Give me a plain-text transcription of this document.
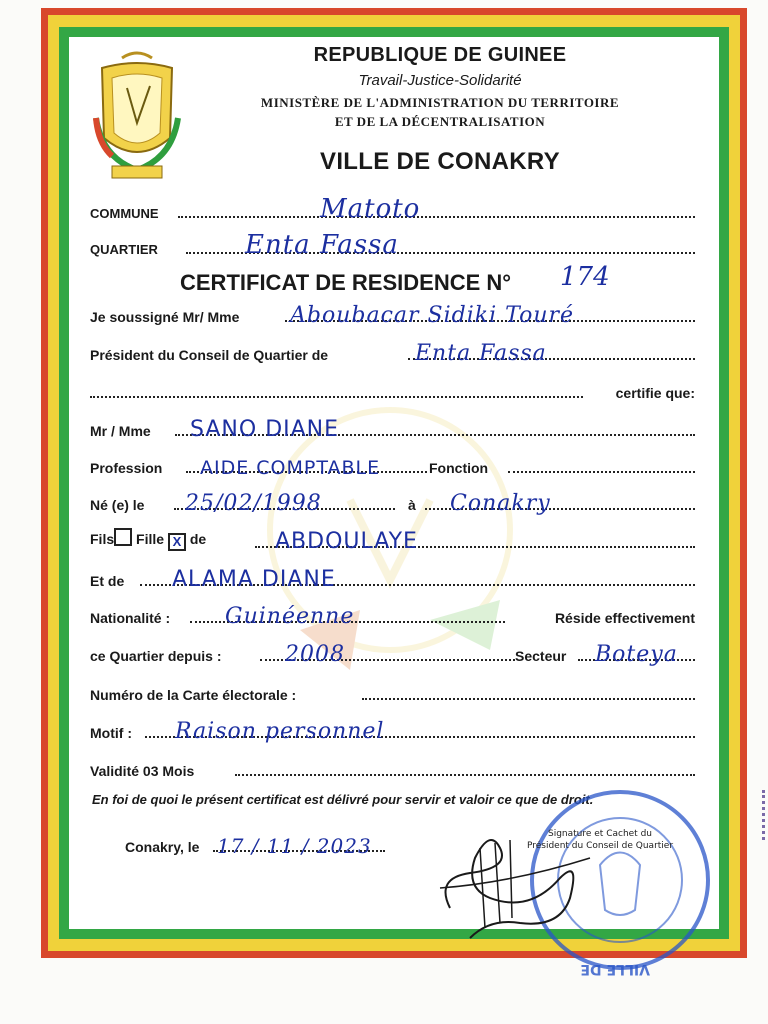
REPUBLIQUE DE GUINEE
Travail-Justice-Solidarité
MINISTÈRE DE L'ADMINISTRATION DU TERRITOIRE
ET DE LA DÉCENTRALISATION
VILLE DE CONAKRY
COMMUNE	Matoto
QUARTIER	Enta Fassa
CERTIFICAT DE RESIDENCE N° 174
Je soussigné Mr/ Mme Aboubacar Sidiki Touré
Président du Conseil de Quartier de	Enta Fassa
certifie que:
Mr / Mme SANO DIANE
Profession AIDE COMPTABLE	Fonction
Né (e) le 25/02/1998	à Conakry
Fils Fille X de	ABDOULAYE
Et de ALAMA DIANE
Nationalité : Guinéenne	Réside effectivement
ce Quartier depuis :	2008	Secteur Boteya
Numéro de la Carte électorale :
Motif : Raison personnel
Validité 03 Mois
En foi de quoi le présent certificat est délivré pour servir et valoir ce que de droit.
VILLE DE
Signature et Cachet du
Président du Conseil de Quartier
Conakry, le 17 / 11 / 2023
